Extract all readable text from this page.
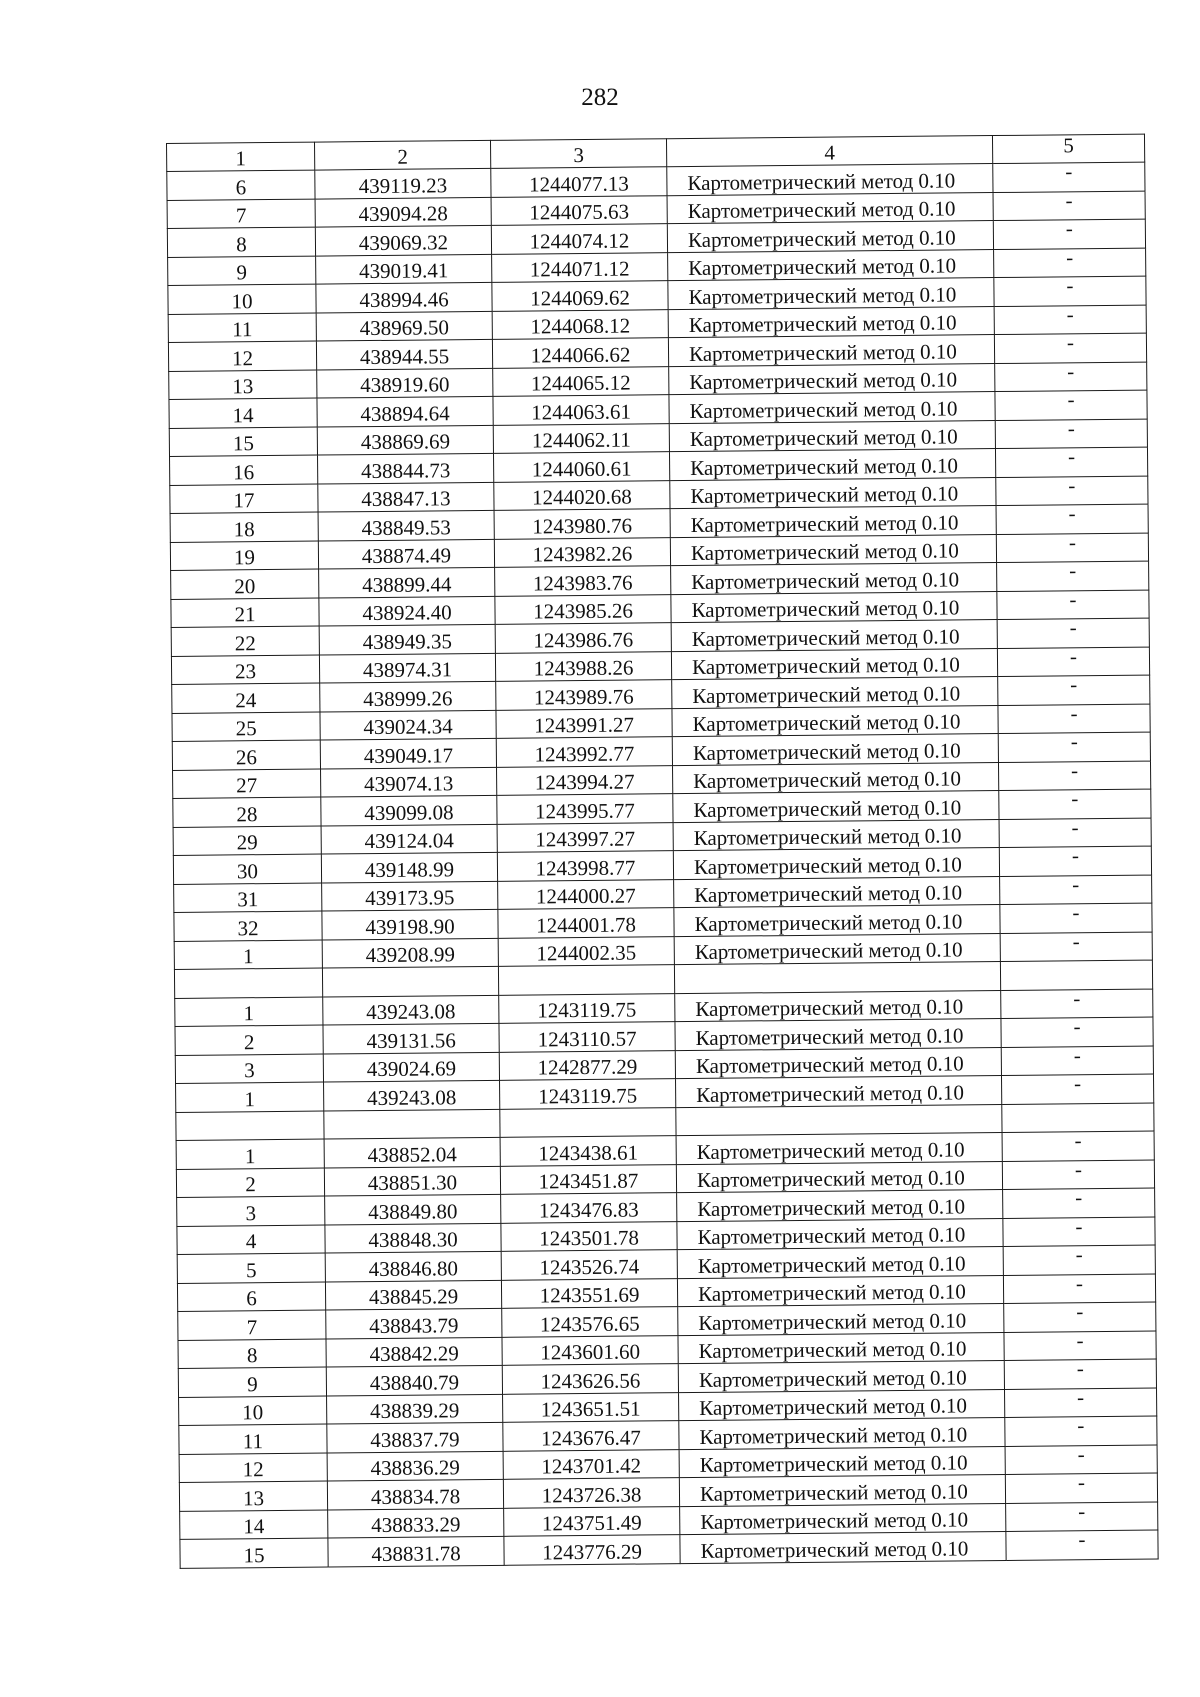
282
1	2	3	4	5
6	439119.23	1244077.13	Картометрический метод 0.10	-
7	439094.28	1244075.63	Картометрический метод 0.10	-
8	439069.32	1244074.12	Картометрический метод 0.10	-
9	439019.41	1244071.12	Картометрический метод 0.10	-
10	438994.46	1244069.62	Картометрический метод 0.10	-
11	438969.50	1244068.12	Картометрический метод 0.10	-
12	438944.55	1244066.62	Картометрический метод 0.10	-
13	438919.60	1244065.12	Картометрический метод 0.10	-
14	438894.64	1244063.61	Картометрический метод 0.10	-
15	438869.69	1244062.11	Картометрический метод 0.10	-
16	438844.73	1244060.61	Картометрический метод 0.10	-
17	438847.13	1244020.68	Картометрический метод 0.10	-
18	438849.53	1243980.76	Картометрический метод 0.10	-
19	438874.49	1243982.26	Картометрический метод 0.10	-
20	438899.44	1243983.76	Картометрический метод 0.10	-
21	438924.40	1243985.26	Картометрический метод 0.10	-
22	438949.35	1243986.76	Картометрический метод 0.10	-
23	438974.31	1243988.26	Картометрический метод 0.10	-
24	438999.26	1243989.76	Картометрический метод 0.10	-
25	439024.34	1243991.27	Картометрический метод 0.10	-
26	439049.17	1243992.77	Картометрический метод 0.10	-
27	439074.13	1243994.27	Картометрический метод 0.10	-
28	439099.08	1243995.77	Картометрический метод 0.10	-
29	439124.04	1243997.27	Картометрический метод 0.10	-
30	439148.99	1243998.77	Картометрический метод 0.10	-
31	439173.95	1244000.27	Картометрический метод 0.10	-
32	439198.90	1244001.78	Картометрический метод 0.10	-
1	439208.99	1244002.35	Картометрический метод 0.10	-

1	439243.08	1243119.75	Картометрический метод 0.10	-
2	439131.56	1243110.57	Картометрический метод 0.10	-
3	439024.69	1242877.29	Картометрический метод 0.10	-
1	439243.08	1243119.75	Картометрический метод 0.10	-

1	438852.04	1243438.61	Картометрический метод 0.10	-
2	438851.30	1243451.87	Картометрический метод 0.10	-
3	438849.80	1243476.83	Картометрический метод 0.10	-
4	438848.30	1243501.78	Картометрический метод 0.10	-
5	438846.80	1243526.74	Картометрический метод 0.10	-
6	438845.29	1243551.69	Картометрический метод 0.10	-
7	438843.79	1243576.65	Картометрический метод 0.10	-
8	438842.29	1243601.60	Картометрический метод 0.10	-
9	438840.79	1243626.56	Картометрический метод 0.10	-
10	438839.29	1243651.51	Картометрический метод 0.10	-
11	438837.79	1243676.47	Картометрический метод 0.10	-
12	438836.29	1243701.42	Картометрический метод 0.10	-
13	438834.78	1243726.38	Картометрический метод 0.10	-
14	438833.29	1243751.49	Картометрический метод 0.10	-
15	438831.78	1243776.29	Картометрический метод 0.10	-
